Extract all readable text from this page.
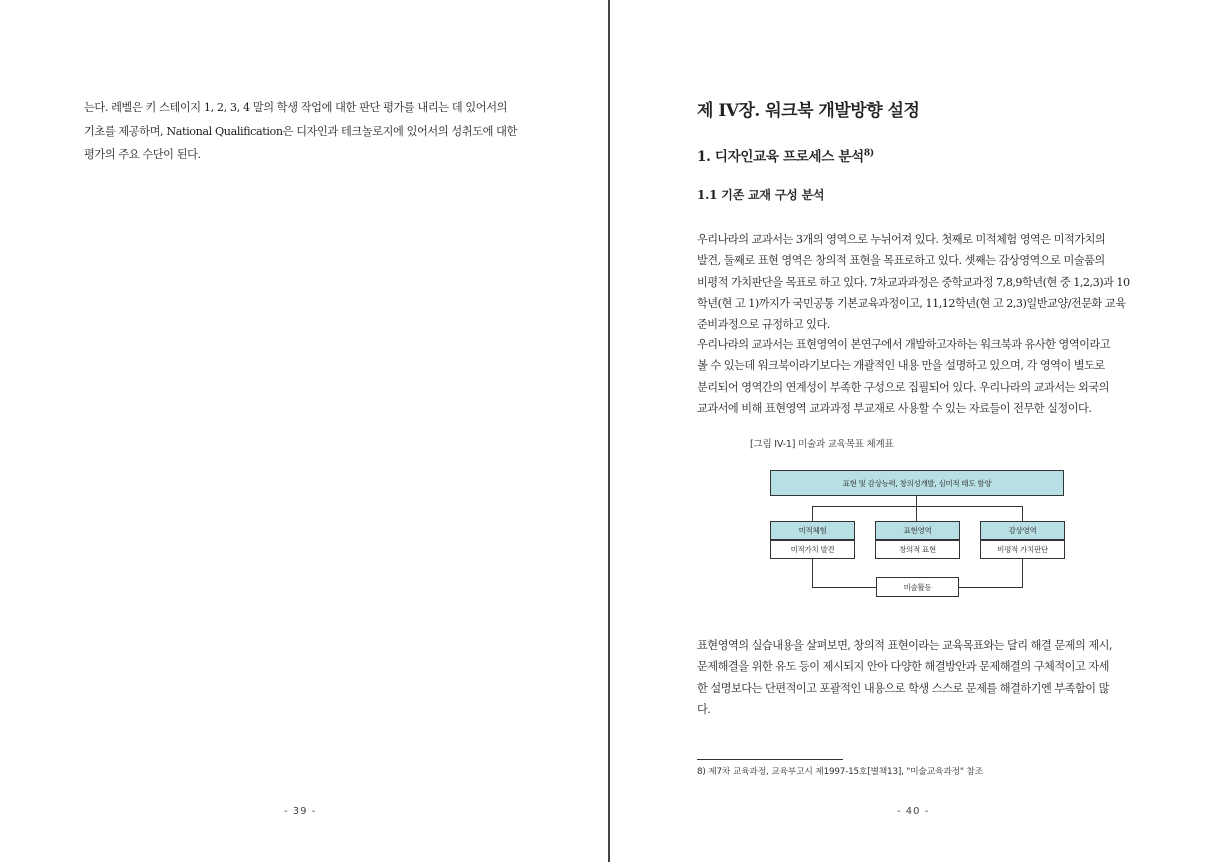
는다. 레벨은 키 스테이지 1, 2, 3, 4 말의 학생 작업에 대한 판단 평가를 내리는 데 있어서의
기초를 제공하며, National Qualification은 디자인과 테크놀로지에 있어서의 성취도에 대한
평가의 주요 수단이 된다.
- 39 -
제 IV장. 워크북 개발방향 설정
1. 디자인교육 프로세스 분석$^{8)}$
1.1 기존 교재 구성 분석
우리나라의 교과서는 3개의 영역으로 누뉘어져 있다. 첫째로 미적체험 영역은 미적가치의
발견, 둘째로 표현 영역은 창의적 표현을 목표로하고 있다. 셋째는 감상영역으로 미술품의
비평적 가치판단을 목표로 하고 있다. 7차교과과정은 중학교과정 7,8,9학년(현 중 1,2,3)과 10
학년(현 고 1)까지가 국민공통 기본교육과정이고, 11,12학년(현 고 2,3)일반교양/전문화 교육
준비과정으로 규정하고 있다.
우리나라의 교과서는 표현영역이 본연구에서 개발하고자하는 워크북과 유사한 영역이라고
볼 수 있는데 워크북이라기보다는 개괄적인 내용 만을 설명하고 있으며, 각 영역이 별도로
분리되어 영역간의 연계성이 부족한 구성으로 집필되어 있다. 우리나라의 교과서는 외국의
교과서에 비해 표현영역 교과과정 부교재로 사용할 수 있는 자료들이 전무한 실정이다.
[그림 IV-1] 미술과 교육목표 체계표
표현 및 감상능력, 창의성개발, 심미적 태도 함양
미적체험
미적가치 발견
표현영역
창의적 표현
감상영역
비평적 가치판단
미술활동
표현영역의 실습내용을 살펴보면, 창의적 표현이라는 교육목표와는 달리 해결 문제의 제시,
문제해결을 위한 유도 등이 제시되지 안아 다양한 해결방안과 문제해결의 구체적이고 자세
한 설명보다는 단편적이고 포괄적인 내용으로 학생 스스로 문제를 해결하기엔 부족함이 많
다.
8) 제7차 교육과정, 교육부고시 제1997-15호[별책13], "미술교육과정" 참조
- 40 -
